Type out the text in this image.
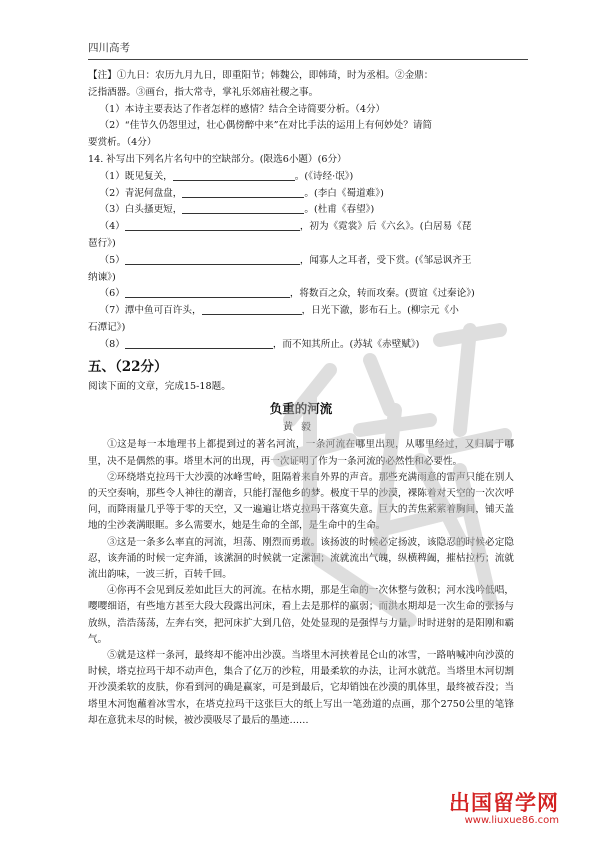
四川高考
【注】①九日：农历九月九日，即重阳节；韩魏公，即韩琦，时为丞相。②金鼎：
泛指酒器。③画台，指大常寺，掌礼乐郊庙社稷之事。
（1）本诗主要表达了作者怎样的感情？结合全诗简要分析。（4分）
（2）“佳节久仍怨里过，壮心偶傍醉中来”在对比手法的运用上有何妙处？请简
要赏析。（4分）
14. 补写出下列名片名句中的空缺部分。(限选6小题）(6分）
（1）既见复关，	。(《诗经·氓》)
（2）青泥何盘盘，	。(李白《蜀道难》)
（3）白头搔更短，	。(杜甫《春望》)
（4）	，初为《霓裳》后《六幺》。(白居易《琵
琶行》)
（5）	，闻寡人之耳者，受下赏。(《邹忌讽齐王
纳谏》)
（6）	，将数百之众，转而攻秦。(贾谊《过秦论》)
（7）潭中鱼可百许头，	，日光下澈，影布石上。(柳宗元《小
石潭记》)
（8）	，而不知其所止。(苏轼《赤壁赋》)
五、（22分）
阅读下面的文章，完成15-18题。
负重的河流
黄毅
①这是每一本地理书上都提到过的著名河流，一条河流在哪里出现，从哪里经过，又归属于哪里，决不是偶然的事。塔里木河的出现，再一次证明了作为一条河流的必然性和必要性。
②环绕塔克拉玛干大沙漠的冰峰雪岭，阻隔着来自外界的声音。那些充满雨意的雷声只能在别人的天空奏响，那些令人神往的潮音，只能打湿他乡的梦。极度干旱的沙漠，裸陈着对天空的一次次呼问，而降雨量几乎等于零的天空，又一遍遍让塔克拉玛干落寞失意。巨大的苦焦萦萦着胸间，铺天盖地的尘沙袭满眼眶。多么需要水，她是生命的全部，是生命中的生命。
③这是一条多么率直的河流，坦荡、刚烈而勇敢。该扬波的时候必定扬波，该隐忍的时候必定隐忍，该奔涌的时候一定奔涌，该潆洄的时候就一定潆洄；流就流出气魄，纵横稗阖，摧枯拉朽；流就流出韵味，一波三折，百转千回。
④你再不会见到反差如此巨大的河流。在枯水期，那是生命的一次休整与敛积；河水浅吟低唱，嘤嘤细语，有些地方甚至大段大段露出河床，看上去是那样的羸弱；而洪水期却是一次生命的张扬与放纵，浩浩荡荡，左奔右突，把河床扩大到几倍，处处显现的是强悍与力量，时时迸射的是阳刚和霸气。
⑤就是这样一条河，最终却不能冲出沙漠。当塔里木河挟着昆仑山的冰雪，一路呐喊冲向沙漠的时候，塔克拉玛干却不动声色，集合了亿万的沙粒，用最柔软的办法，让河水就范。当塔里木河切割开沙漠柔软的皮肤，你看到河的确是赢家，可是到最后，它却销蚀在沙漠的肌体里，最终被吞没；当塔里木河饱蘸着冰雪水，在塔克拉玛干这张巨大的纸上写出一笔劲道的点画，那个2750公里的笔锋却在意犹未尽的时候，被沙漠吸尽了最后的墨迹……
出国留学网
www.liuxue86.com
